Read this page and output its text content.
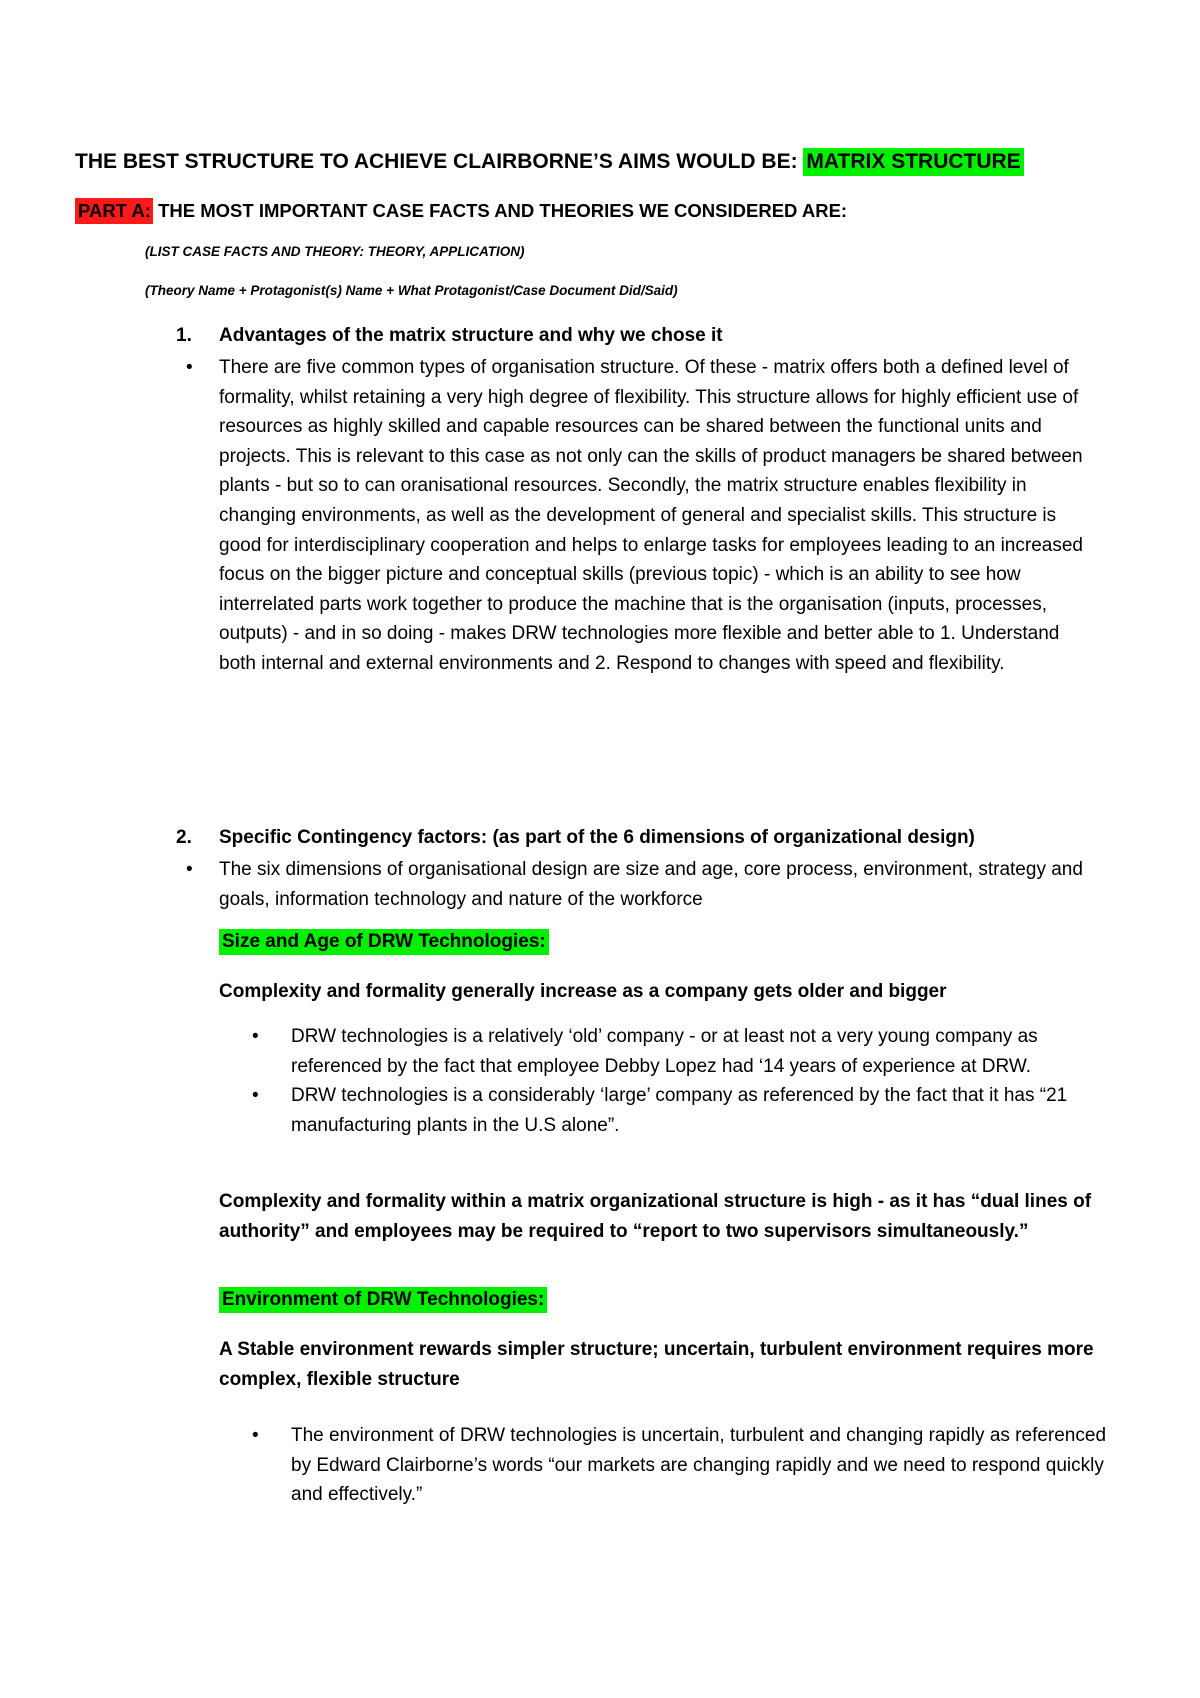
THE BEST STRUCTURE TO ACHIEVE CLAIRBORNE’S AIMS WOULD BE: MATRIX STRUCTURE
PART A: THE MOST IMPORTANT CASE FACTS AND THEORIES WE CONSIDERED ARE:
(LIST CASE FACTS AND THEORY: THEORY, APPLICATION)
(Theory Name + Protagonist(s) Name + What Protagonist/Case Document Did/Said)
1. Advantages of the matrix structure and why we chose it
• There are five common types of organisation structure. Of these - matrix offers both a defined level of formality, whilst retaining a very high degree of flexibility. This structure allows for highly efficient use of resources as highly skilled and capable resources can be shared between the functional units and projects. This is relevant to this case as not only can the skills of product managers be shared between plants - but so to can oranisational resources. Secondly, the matrix structure enables flexibility in changing environments, as well as the development of general and specialist skills. This structure is good for interdisciplinary cooperation and helps to enlarge tasks for employees leading to an increased focus on the bigger picture and conceptual skills (previous topic) - which is an ability to see how interrelated parts work together to produce the machine that is the organisation (inputs, processes, outputs) - and in so doing - makes DRW technologies more flexible and better able to 1. Understand both internal and external environments and 2. Respond to changes with speed and flexibility.
2. Specific Contingency factors: (as part of the 6 dimensions of organizational design)
• The six dimensions of organisational design are size and age, core process, environment, strategy and goals, information technology and nature of the workforce
Size and Age of DRW Technologies:
Complexity and formality generally increase as a company gets older and bigger

• DRW technologies is a relatively ‘old’ company - or at least not a very young company as referenced by the fact that employee Debby Lopez had ‘14 years of experience at DRW.

• DRW technologies is a considerably ‘large’ company as referenced by the fact that it has “21 manufacturing plants in the U.S alone”.

Complexity and formality within a matrix organizational structure is high - as it has “dual lines of authority” and employees may be required to “report to two supervisors simultaneously.”
Environment of DRW Technologies:
A Stable environment rewards simpler structure; uncertain, turbulent environment requires more complex, flexible structure

• The environment of DRW technologies is uncertain, turbulent and changing rapidly as referenced by Edward Clairborne’s words “our markets are changing rapidly and we need to respond quickly and effectively.”
